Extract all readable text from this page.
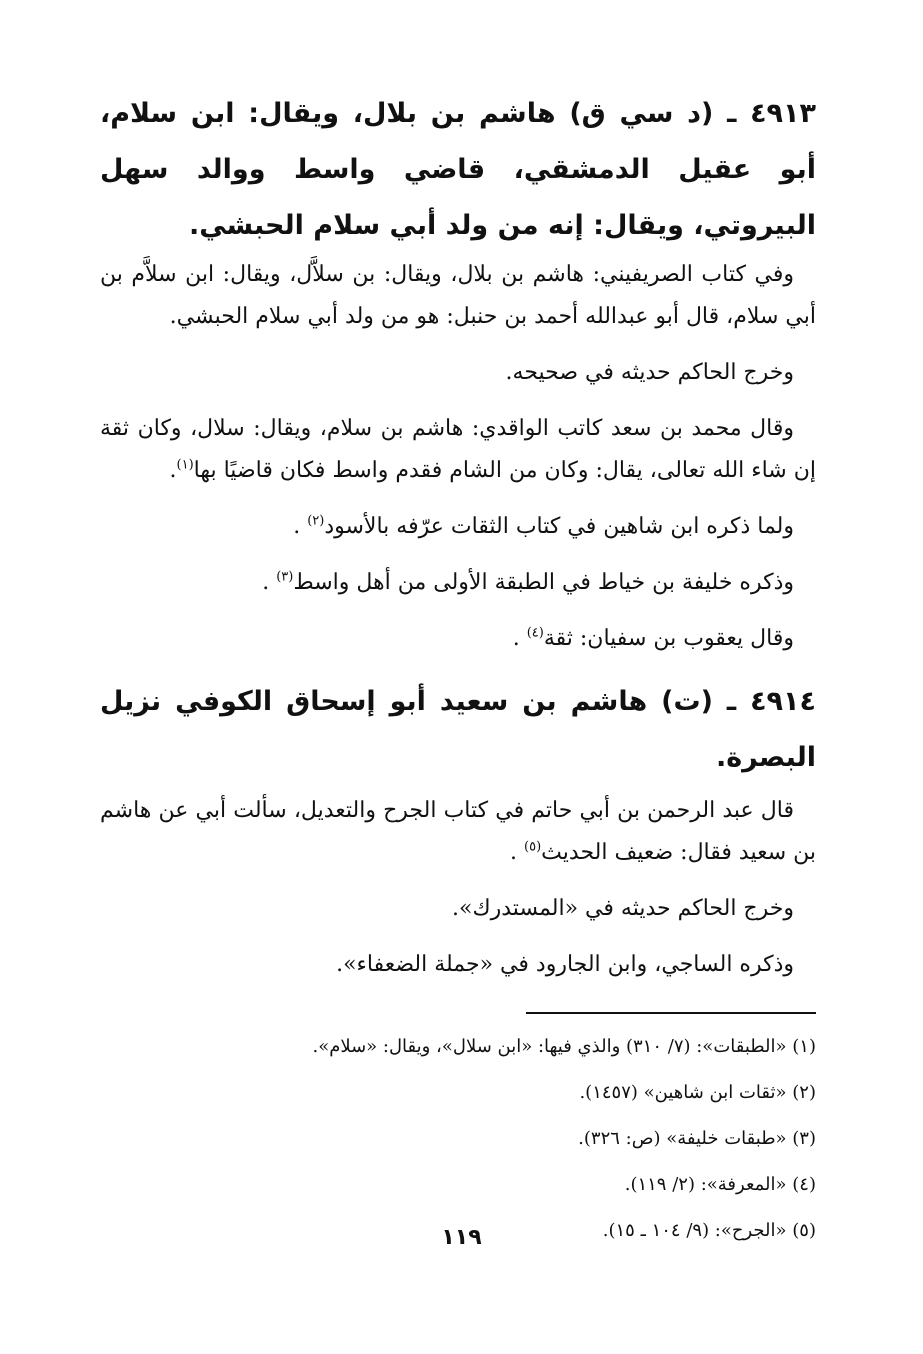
٤٩١٣ ـ (د سي ق) هاشم بن بلال، ويقال: ابن سلام، أبو عقيل الدمشقي، قاضي واسط ووالد سهل البيروتي، ويقال: إنه من ولد أبي سلام الحبشي.

وفي كتاب الصريفيني: هاشم بن بلال، ويقال: بن سلاَّل، ويقال: ابن سلاَّم بن أبي سلام، قال أبو عبدالله أحمد بن حنبل: هو من ولد أبي سلام الحبشي.

وخرج الحاكم حديثه في صحيحه.

وقال محمد بن سعد كاتب الواقدي: هاشم بن سلام، ويقال: سلال، وكان ثقة إن شاء الله تعالى، يقال: وكان من الشام فقدم واسط فكان قاضيًا بها$^{(١)}$.

ولما ذكره ابن شاهين في كتاب الثقات عرّفه بالأسود$^{(٢)}$ .

وذكره خليفة بن خياط في الطبقة الأولى من أهل واسط$^{(٣)}$ .

وقال يعقوب بن سفيان: ثقة$^{(٤)}$ .

٤٩١٤ ـ (ت) هاشم بن سعيد أبو إسحاق الكوفي نزيل البصرة.

قال عبد الرحمن بن أبي حاتم في كتاب الجرح والتعديل، سألت أبي عن هاشم بن سعيد فقال: ضعيف الحديث$^{(٥)}$ .

وخرج الحاكم حديثه في «المستدرك».

وذكره الساجي، وابن الجارود في «جملة الضعفاء».

(١) «الطبقات»: (٧/ ٣١٠) والذي فيها: «ابن سلال»، ويقال: «سلام».

(٢) «ثقات ابن شاهين» (١٤٥٧).

(٣) «طبقات خليفة» (ص: ٣٢٦).

(٤) «المعرفة»: (٢/ ١١٩).

(٥) «الجرح»: (٩/ ١٠٤ ـ ١٥).

١١٩
